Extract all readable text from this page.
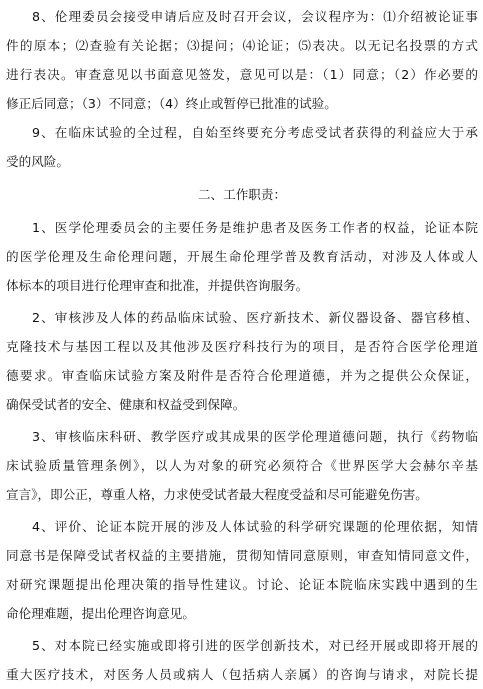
8、伦理委员会接受申请后应及时召开会议，会议程序为：⑴介绍被论证事
件的原本；⑵查验有关论据；⑶提问；⑷论证；⑸表决。以无记名投票的方式
进行表决。审查意见以书面意见签发，意见可以是：（1）同意；（2）作必要的
修正后同意；（3）不同意；（4）终止或暂停已批准的试验。
9、在临床试验的全过程，自始至终要充分考虑受试者获得的利益应大于承
受的风险。
二、工作职责：
1、医学伦理委员会的主要任务是维护患者及医务工作者的权益，论证本院
的医学伦理及生命伦理问题，开展生命伦理学普及教育活动，对涉及人体或人
体标本的项目进行伦理审查和批准，并提供咨询服务。
2、审核涉及人体的药品临床试验、医疗新技术、新仪器设备、器官移植、
克隆技术与基因工程以及其他涉及医疗科技行为的项目，是否符合医学伦理道
德要求。审查临床试验方案及附件是否符合伦理道德，并为之提供公众保证，
确保受试者的安全、健康和权益受到保障。
3、审核临床科研、教学医疗或其成果的医学伦理道德问题，执行《药物临
床试验质量管理条例》，以人为对象的研究必须符合《世界医学大会赫尔辛基
宣言》，即公正，尊重人格，力求使受试者最大程度受益和尽可能避免伤害。
4、评价、论证本院开展的涉及人体试验的科学研究课题的伦理依据，知情
同意书是保障受试者权益的主要措施，贯彻知情同意原则，审查知情同意文件，
对研究课题提出伦理决策的指导性建议。讨论、论证本院临床实践中遇到的生
命伦理难题，提出伦理咨询意见。
5、对本院已经实施或即将引进的医学创新技术，对已经开展或即将开展的
重大医疗技术，对医务人员或病人（包括病人亲属）的咨询与请求，对院长提
